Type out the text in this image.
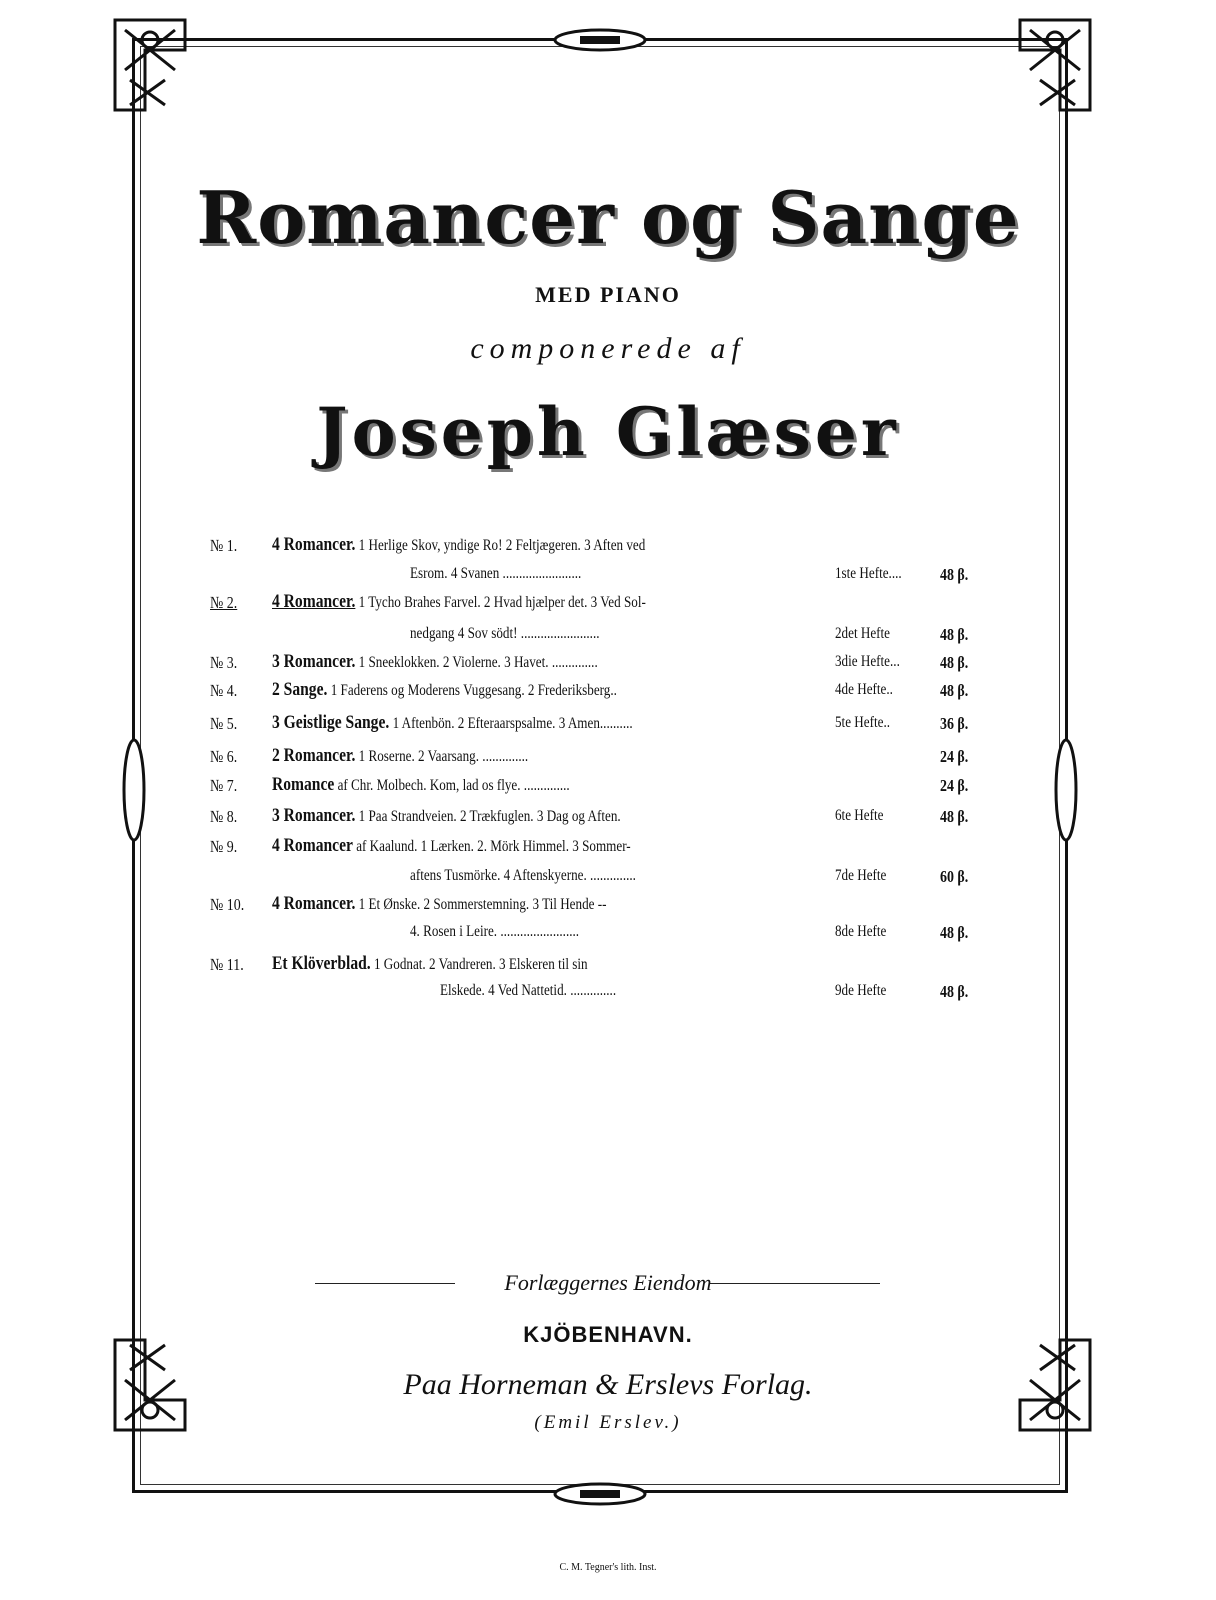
Romancer og Sange
MED PIANO
componerede af
Joseph Glæser
№ 1. 4 Romancer. 1 Herlige Skov, yndige Ro! 2 Feltjægeren. 3 Aften ved
Esrom. 4 Svanen ........................	1ste Hefte.... 48 β.
№ 2. 4 Romancer. 1 Tycho Brahes Farvel. 2 Hvad hjælper det. 3 Ved Sol-
nedgang 4 Sov södt! ........................	2det Hefte	48 β.
№ 3. 3 Romancer. 1 Sneeklokken. 2 Violerne. 3 Havet. ..............	3die Hefte... 48 β.
№ 4. 2 Sange. 1 Faderens og Moderens Vuggesang. 2 Frederiksberg..	4de Hefte..	48 β.
№ 5. 3 Geistlige Sange. 1 Aftenbön. 2 Efteraarspsalme. 3 Amen..........	5te Hefte..	36 β.
№ 6. 2 Romancer. 1 Roserne. 2 Vaarsang. ..............	24 β.
№ 7. Romance af Chr. Molbech. Kom, lad os flye. ..............	24 β.
№ 8. 3 Romancer. 1 Paa Strandveien. 2 Trækfuglen. 3 Dag og Aften.	6te Hefte	48 β.
№ 9. 4 Romancer af Kaalund. 1 Lærken. 2. Mörk Himmel. 3 Sommer-
aftens Tusmörke. 4 Aftenskyerne. ..............	7de Hefte	60 β.
№ 10. 4 Romancer. 1 Et Ønske. 2 Sommerstemning. 3 Til Hende --
4. Rosen i Leire. ........................	8de Hefte	48 β.
№ 11. Et Klöverblad. 1 Godnat. 2 Vandreren. 3 Elskeren til sin
Elskede. 4 Ved Nattetid. ..............	9de Hefte	48 β.
Forlæggernes Eiendom
KJÖBENHAVN.
Paa Horneman & Erslevs Forlag.
(Emil Erslev.)
C. M. Tegner's lith. Inst.
